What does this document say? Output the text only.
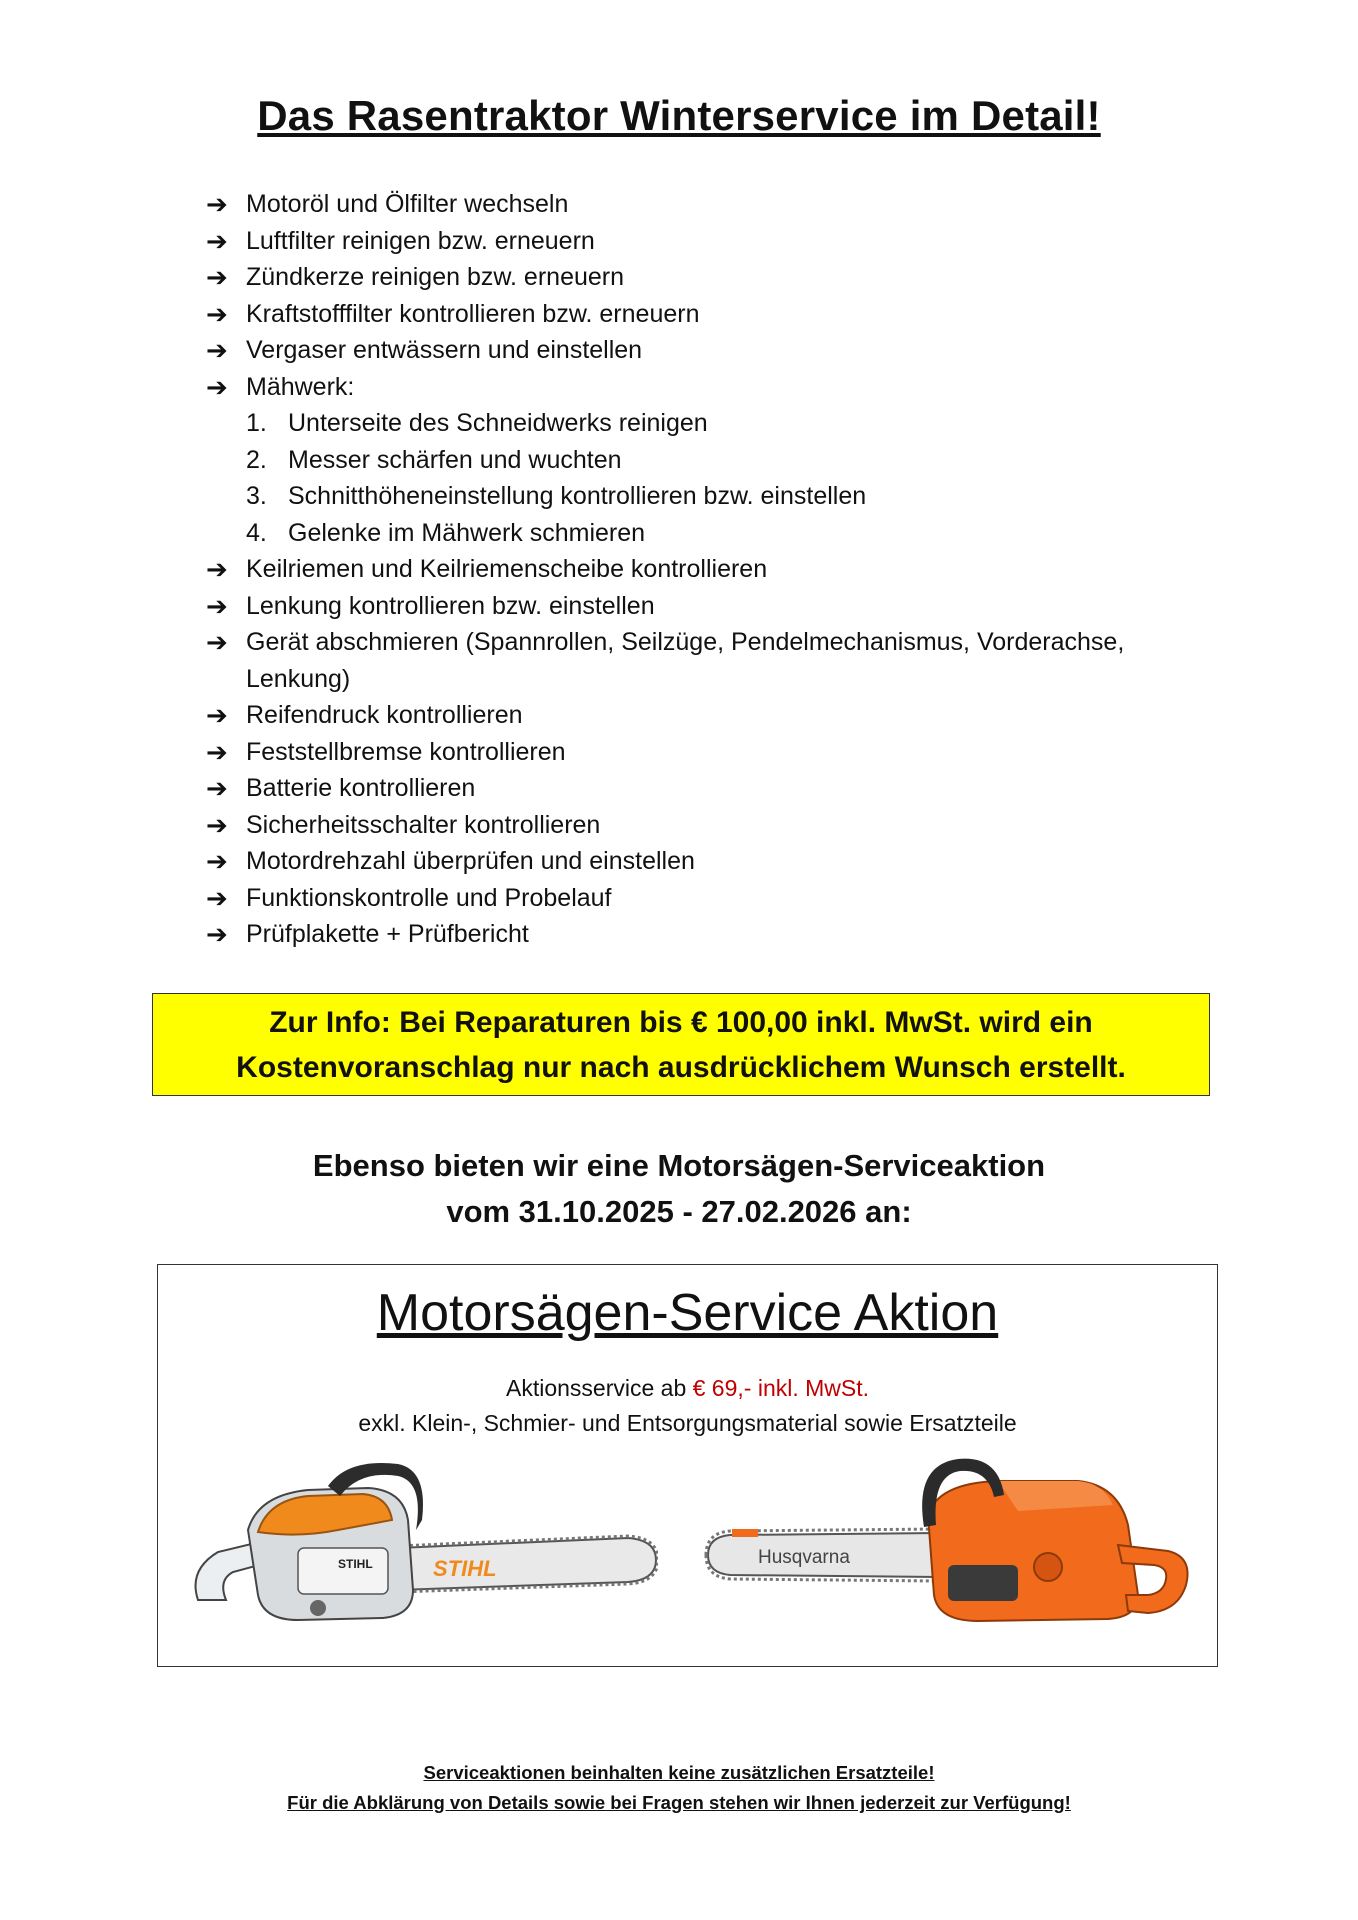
Das Rasentraktor Winterservice im Detail!
➔ Motoröl und Ölfilter wechseln
➔ Luftfilter reinigen bzw. erneuern
➔ Zündkerze reinigen bzw. erneuern
➔ Kraftstofffilter kontrollieren bzw. erneuern
➔ Vergaser entwässern und einstellen
➔ Mähwerk:
1. Unterseite des Schneidwerks reinigen
2. Messer schärfen und wuchten
3. Schnitthöheneinstellung kontrollieren bzw. einstellen
4. Gelenke im Mähwerk schmieren
➔ Keilriemen und Keilriemenscheibe kontrollieren
➔ Lenkung kontrollieren bzw. einstellen
➔ Gerät abschmieren (Spannrollen, Seilzüge, Pendelmechanismus, Vorderachse, Lenkung)
➔ Reifendruck kontrollieren
➔ Feststellbremse kontrollieren
➔ Batterie kontrollieren
➔ Sicherheitsschalter kontrollieren
➔ Motordrehzahl überprüfen und einstellen
➔ Funktionskontrolle und Probelauf
➔ Prüfplakette + Prüfbericht
Zur Info: Bei Reparaturen bis € 100,00 inkl. MwSt. wird ein
Kostenvoranschlag nur nach ausdrücklichem Wunsch erstellt.
Ebenso bieten wir eine Motorsägen-Serviceaktion
vom 31.10.2025 - 27.02.2026 an:
Motorsägen-Service Aktion
Aktionsservice ab € 69,- inkl. MwSt.
exkl. Klein-, Schmier- und Entsorgungsmaterial sowie Ersatzteile
STIHL
STIHL	Husqvarna
Serviceaktionen beinhalten keine zusätzlichen Ersatzteile!
Für die Abklärung von Details sowie bei Fragen stehen wir Ihnen jederzeit zur Verfügung!
